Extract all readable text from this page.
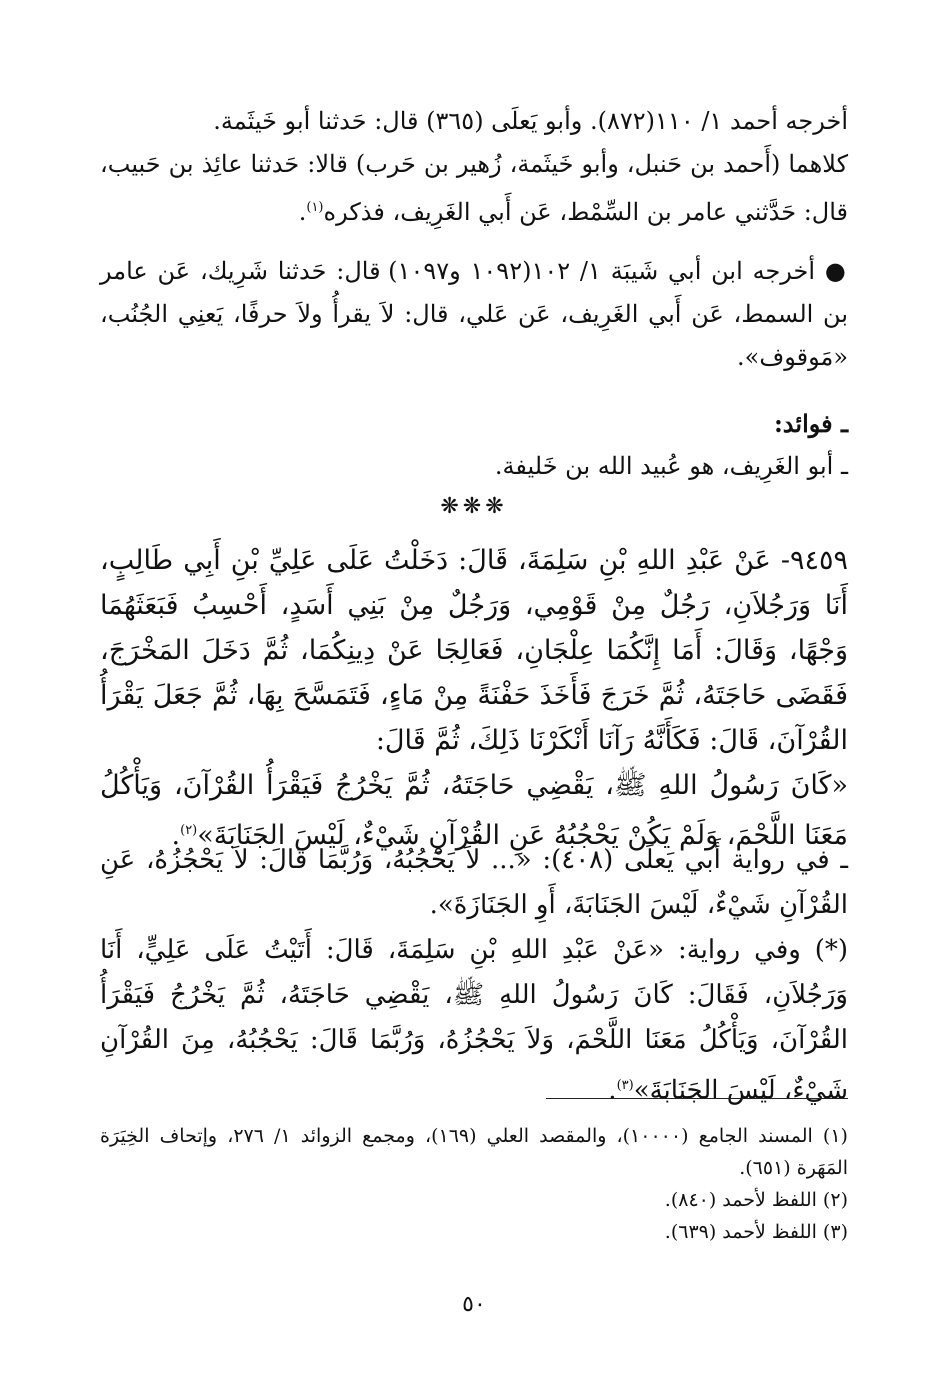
أخرجه أحمد ١/ ١١٠(٨٧٢). وأبو يَعلَى (٣٦٥) قال: حَدثنا أبو خَيثَمة.

كلاهما (أَحمد بن حَنبل، وأبو خَيثَمة، زُهير بن حَرب) قالا: حَدثنا عائِذ بن حَبيب، قال: حَدَّثني عامر بن السِّمْط، عَن أَبي الغَرِيف، فذكره$^{(١)}$.

● أخرجه ابن أبي شَيبَة ١/ ١٠٢(١٠٩٢ و١٠٩٧) قال: حَدثنا شَرِيك، عَن عامر بن السمط، عَن أَبي الغَرِيف، عَن عَلي، قال: لاَ يقرأُ ولاَ حرفًا، يَعنِي الجُنُب، «مَوقوف».

ـ فوائد:

ـ أبو الغَرِيف، هو عُبيد الله بن خَليفة.

❋❋❋

٩٤٥٩- عَنْ عَبْدِ اللهِ بْنِ سَلِمَةَ، قَالَ: دَخَلْتُ عَلَى عَلِيِّ بْنِ أَبِي طَالِبٍ، أَنَا وَرَجُلاَنِ، رَجُلٌ مِنْ قَوْمِي، وَرَجُلٌ مِنْ بَنِي أَسَدٍ، أَحْسِبُ فَبَعَثَهُمَا وَجْهًا، وَقَالَ: أَمَا إِنَّكُمَا عِلْجَانِ، فَعَالِجَا عَنْ دِينِكُمَا، ثُمَّ دَخَلَ المَخْرَجَ، فَقَضَى حَاجَتَهُ، ثُمَّ خَرَجَ فَأَخَذَ حَفْنَةً مِنْ مَاءٍ، فَتَمَسَّحَ بِهَا، ثُمَّ جَعَلَ يَقْرَأُ القُرْآنَ، قَالَ: فَكَأَنَّهُ رَآنَا أَنْكَرْنَا ذَلِكَ، ثُمَّ قَالَ:

«كَانَ رَسُولُ اللهِ ﷺ، يَقْضِي حَاجَتَهُ، ثُمَّ يَخْرُجُ فَيَقْرَأُ القُرْآنَ، وَيَأْكُلُ مَعَنَا اللَّحْمَ، وَلَمْ يَكُنْ يَحْجُبُهُ عَنِ القُرْآنِ شَيْءٌ، لَيْسَ الجَنَابَةَ»$^{(٢)}$.

ـ في رواية أَبي يَعلَى (٤٠٨): «... لاَ يَحْجُبُهُ، وَرُبَّمَا قَالَ: لاَ يَحْجُزُهُ، عَنِ القُرْآنِ شَيْءٌ، لَيْسَ الجَنَابَةَ، أَوِ الجَنَازَةَ».

(*) وفي رواية: «عَنْ عَبْدِ اللهِ بْنِ سَلِمَةَ، قَالَ: أَتَيْتُ عَلَى عَلِيٍّ، أَنَا وَرَجُلاَنِ، فَقَالَ: كَانَ رَسُولُ اللهِ ﷺ، يَقْضِي حَاجَتَهُ، ثُمَّ يَخْرُجُ فَيَقْرَأُ القُرْآنَ، وَيَأْكُلُ مَعَنَا اللَّحْمَ، وَلاَ يَحْجُزُهُ، وَرُبَّمَا قَالَ: يَحْجُبُهُ، مِنَ القُرْآنِ شَيْءٌ، لَيْسَ الجَنَابَةَ»$^{(٣)}$.

(١) المسند الجامع (١٠٠٠٠)، والمقصد العلي (١٦٩)، ومجمع الزوائد ١/ ٢٧٦، وإتحاف الخِيَرَة المَهَرة (٦٥١).

(٢) اللفظ لأحمد (٨٤٠).

(٣) اللفظ لأحمد (٦٣٩).

٥٠
